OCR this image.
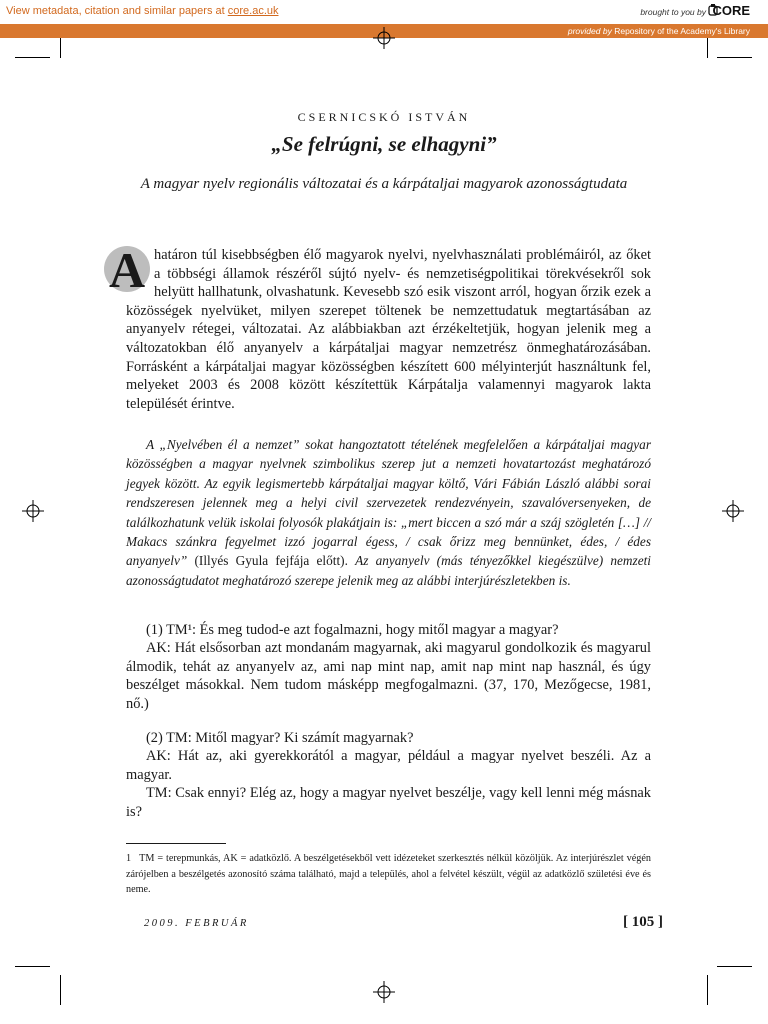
View metadata, citation and similar papers at core.ac.uk	brought to you by CORE
provided by Repository of the Academy's Library
CSERNICSKÓ ISTVÁN
„Se felrúgni, se elhagyni”
A magyar nyelv regionális változatai és a kárpátaljai magyarok azonosságtudata
A határon túl kisebbségben élő magyarok nyelvi, nyelvhasználati problémáiról, az őket a többségi államok részéről sújtó nyelv- és nemzetiségpolitikai törekvésekről sok helyütt hallhatunk, olvashatunk. Kevesebb szó esik viszont arról, hogyan őrzik ezek a közösségek nyelvüket, milyen szerepet töltenek be nemzettudatuk megtartásában az anyanyelv rétegei, változatai. Az alábbiakban azt érzékeltetjük, hogyan jelenik meg a változatokban élő anyanyelv a kárpátaljai magyar nemzetrész önmeghatározásában. Forrásként a kárpátaljai magyar közösségben készített 600 mélyinterjút használtunk fel, melyeket 2003 és 2008 között készítettük Kárpátalja valamennyi magyarok lakta települését érintve.
A „Nyelvében él a nemzet” sokat hangoztatott tételének megfelelően a kárpátaljai magyar közösségben a magyar nyelvnek szimbolikus szerep jut a nemzeti hovatartozást meghatározó jegyek között. Az egyik legismertebb kárpátaljai magyar költő, Vári Fábián László alábbi sorai rendszeresen jelennek meg a helyi civil szervezetek rendezvényein, szavalóversenyeken, de találkozhatunk velük iskolai folyosók plakátjain is: „mert biccen a szó már a száj szögletén […] // Makacs szánkra fegyelmet izzó jogarral égess, / csak őrizz meg bennünket, édes, / édes anyanyelv” (Illyés Gyula fejfája előtt). Az anyanyelv (más tényezőkkel kiegészülve) nemzeti azonosságtudatot meghatározó szerepe jelenik meg az alábbi interjúrészletekben is.
(1) TM¹: És meg tudod-e azt fogalmazni, hogy mitől magyar a magyar?
AK: Hát elsősorban azt mondanám magyarnak, aki magyarul gondolkozik és magyarul álmodik, tehát az anyanyelv az, ami nap mint nap, amit nap mint nap használ, és úgy beszélget másokkal. Nem tudom másképp megfogalmazni. (37, 170, Mezőgecse, 1981, nő.)
(2) TM: Mitől magyar? Ki számít magyarnak?
AK: Hát az, aki gyerekkorától a magyar, például a magyar nyelvet beszéli. Az a magyar.
TM: Csak ennyi? Elég az, hogy a magyar nyelvet beszélje, vagy kell lenni még másnak is?
1 TM = terepmunkás, AK = adatközlő. A beszélgetésekből vett idézeteket szerkesztés nélkül közöljük. Az interjúrészlet végén zárójelben a beszélgetés azonosító száma található, majd a település, ahol a felvétel készült, végül az adatközlő születési éve és neme.
2009. FEBRUÁR	[ 105 ]
